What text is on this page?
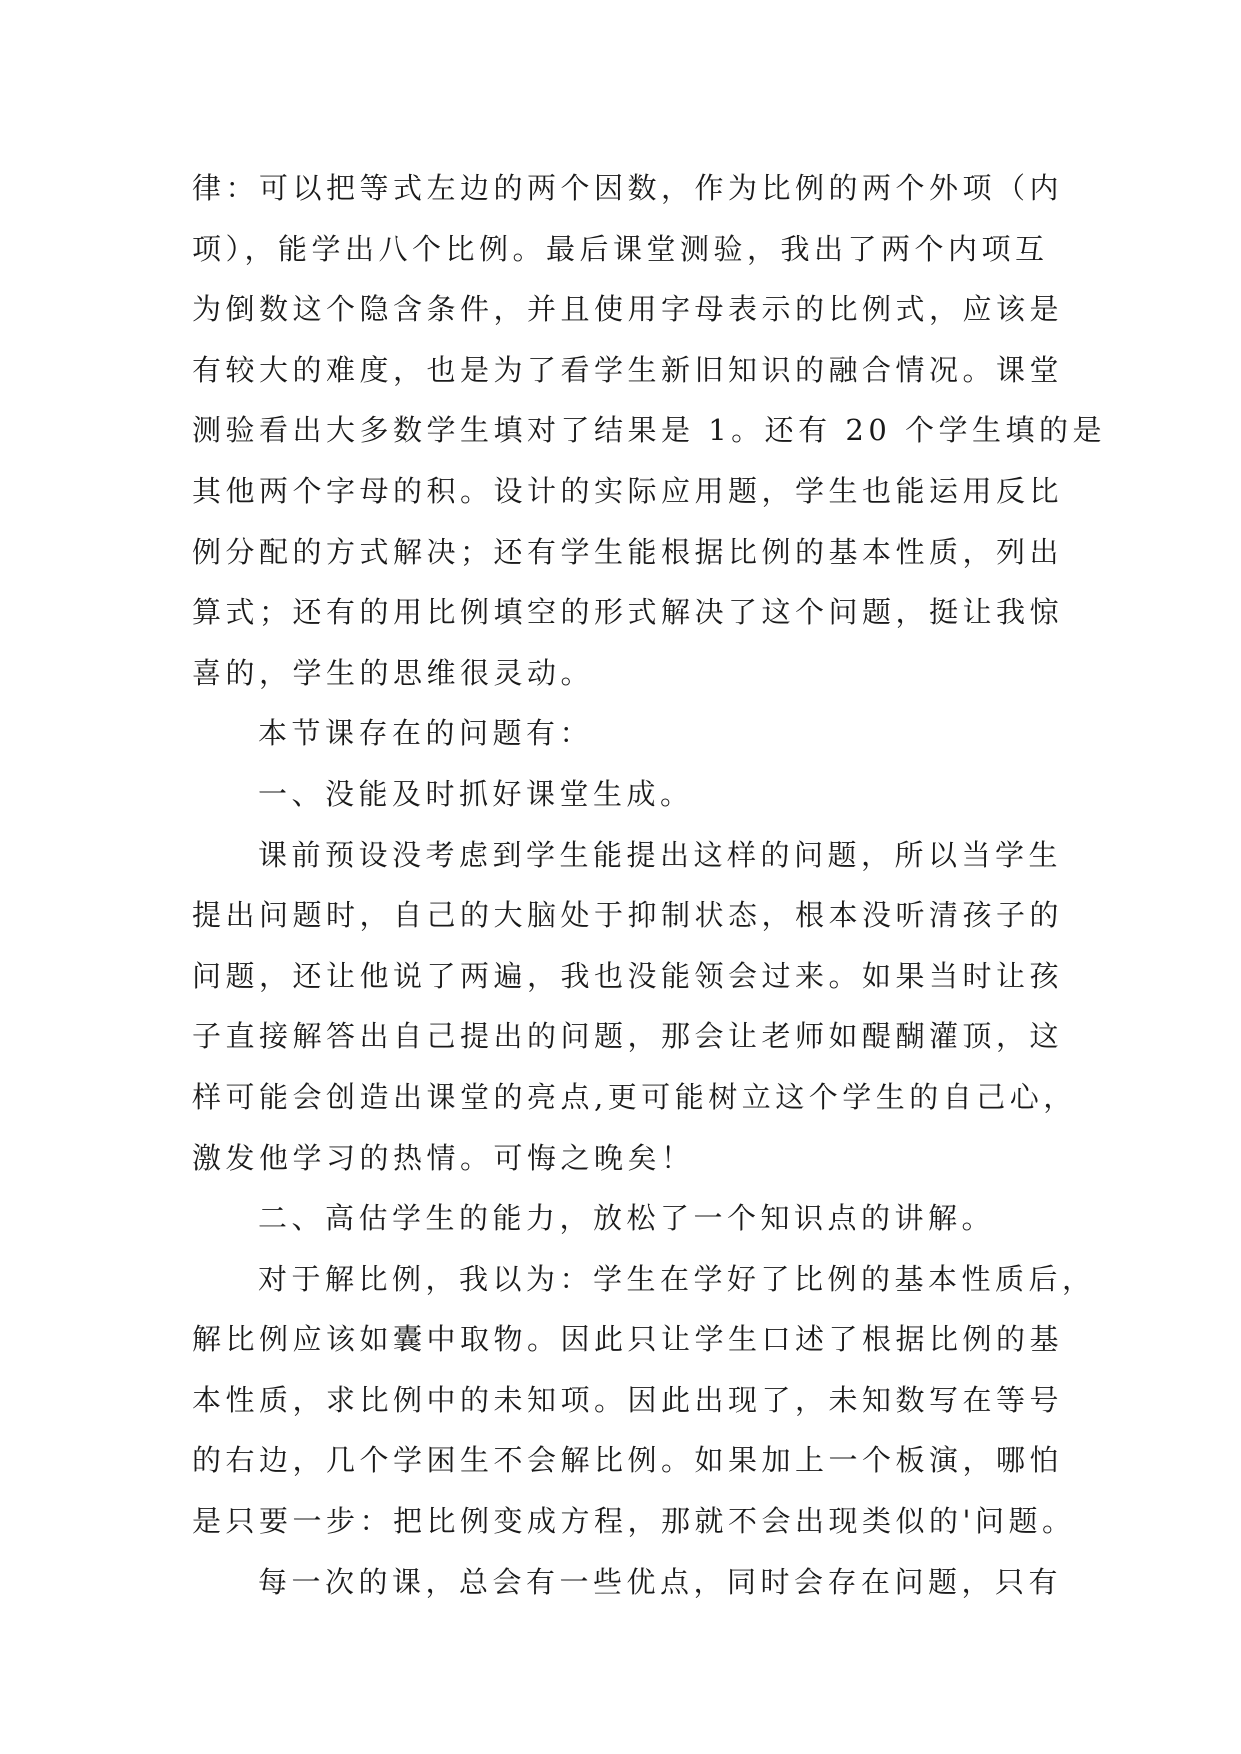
律：可以把等式左边的两个因数，作为比例的两个外项（内
项），能学出八个比例。最后课堂测验，我出了两个内项互
为倒数这个隐含条件，并且使用字母表示的比例式，应该是
有较大的难度，也是为了看学生新旧知识的融合情况。课堂
测验看出大多数学生填对了结果是 1。还有 20 个学生填的是
其他两个字母的积。设计的实际应用题，学生也能运用反比
例分配的方式解决；还有学生能根据比例的基本性质，列出
算式；还有的用比例填空的形式解决了这个问题，挺让我惊
喜的，学生的思维很灵动。
本节课存在的问题有：
一、没能及时抓好课堂生成。
课前预设没考虑到学生能提出这样的问题，所以当学生
提出问题时，自己的大脑处于抑制状态，根本没听清孩子的
问题，还让他说了两遍，我也没能领会过来。如果当时让孩
子直接解答出自己提出的问题，那会让老师如醍醐灌顶，这
样可能会创造出课堂的亮点,更可能树立这个学生的自己心，
激发他学习的热情。可悔之晚矣！
二、高估学生的能力，放松了一个知识点的讲解。
对于解比例，我以为：学生在学好了比例的基本性质后，
解比例应该如囊中取物。因此只让学生口述了根据比例的基
本性质，求比例中的未知项。因此出现了，未知数写在等号
的右边，几个学困生不会解比例。如果加上一个板演，哪怕
是只要一步：把比例变成方程，那就不会出现类似的'问题。
每一次的课，总会有一些优点，同时会存在问题，只有
